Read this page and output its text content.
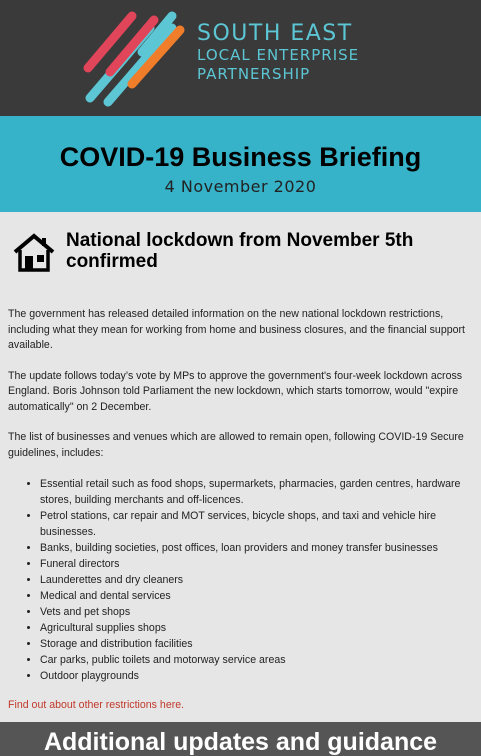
SOUTH EAST
LOCAL ENTERPRISE
PARTNERSHIP
COVID-19 Business Briefing
4 November 2020
National lockdown from November 5th confirmed

The government has released detailed information on the new national lockdown restrictions, including what they mean for working from home and business closures, and the financial support available.

The update follows today’s vote by MPs to approve the government's four-week lockdown across England. Boris Johnson told Parliament the new lockdown, which starts tomorrow, would "expire automatically" on 2 December.

The list of businesses and venues which are allowed to remain open, following COVID-19 Secure guidelines, includes:

• Essential retail such as food shops, supermarkets, pharmacies, garden centres, hardware stores, building merchants and off-licences.
• Petrol stations, car repair and MOT services, bicycle shops, and taxi and vehicle hire businesses.
• Banks, building societies, post offices, loan providers and money transfer businesses
• Funeral directors
• Launderettes and dry cleaners
• Medical and dental services
• Vets and pet shops
• Agricultural supplies shops
• Storage and distribution facilities
• Car parks, public toilets and motorway service areas
• Outdoor playgrounds
Find out about other restrictions here.
Additional updates and guidance
